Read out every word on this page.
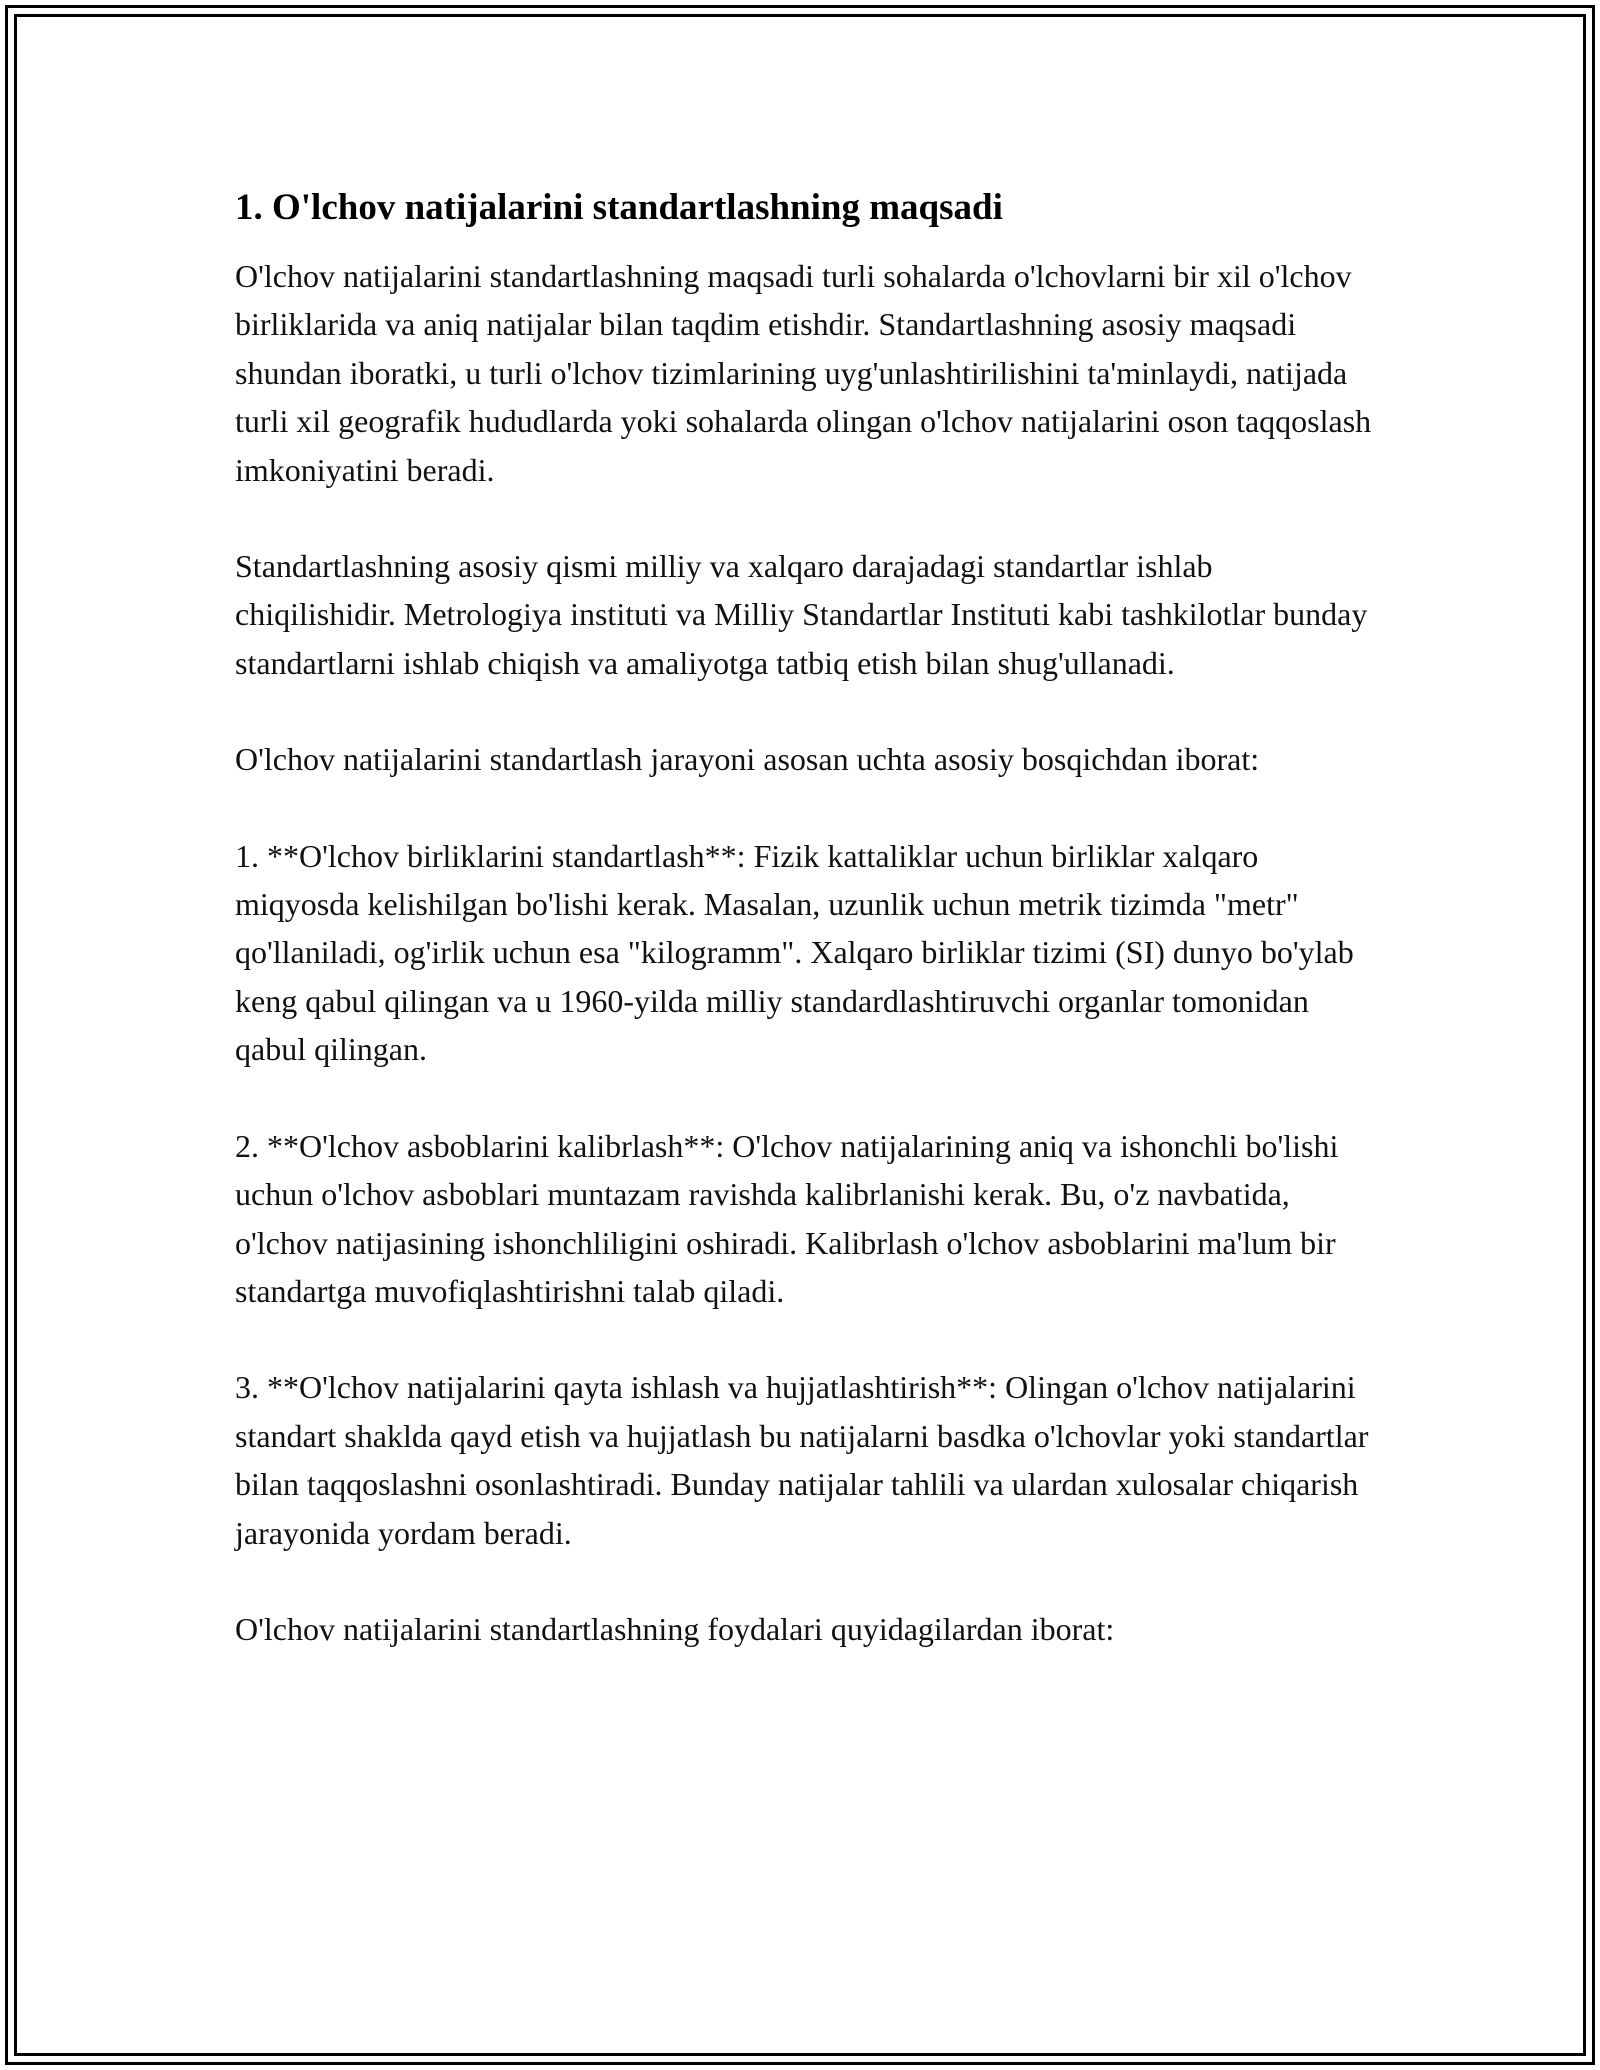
1. O'lchov natijalarini standartlashning maqsadi

O'lchov natijalarini standartlashning maqsadi turli sohalarda o'lchovlarni bir xil o'lchov birliklarida va aniq natijalar bilan taqdim etishdir. Standartlashning asosiy maqsadi shundan iboratki, u turli o'lchov tizimlarining uyg'unlashtirilishini ta'minlaydi, natijada turli xil geografik hududlarda yoki sohalarda olingan o'lchov natijalarini oson taqqoslash imkoniyatini beradi.

Standartlashning asosiy qismi milliy va xalqaro darajadagi standartlar ishlab chiqilishidir. Metrologiya instituti va Milliy Standartlar Instituti kabi tashkilotlar bunday standartlarni ishlab chiqish va amaliyotga tatbiq etish bilan shug'ullanadi.

O'lchov natijalarini standartlash jarayoni asosan uchta asosiy bosqichdan iborat:

1. **O'lchov birliklarini standartlash**: Fizik kattaliklar uchun birliklar xalqaro miqyosda kelishilgan bo'lishi kerak. Masalan, uzunlik uchun metrik tizimda "metr" qo'llaniladi, og'irlik uchun esa "kilogramm". Xalqaro birliklar tizimi (SI) dunyo bo'ylab keng qabul qilingan va u 1960-yilda milliy standardlashtiruvchi organlar tomonidan qabul qilingan.

2. **O'lchov asboblarini kalibrlash**: O'lchov natijalarining aniq va ishonchli bo'lishi uchun o'lchov asboblari muntazam ravishda kalibrlanishi kerak. Bu, o'z navbatida, o'lchov natijasining ishonchliligini oshiradi. Kalibrlash o'lchov asboblarini ma'lum bir standartga muvofiqlashtirishni talab qiladi.

3. **O'lchov natijalarini qayta ishlash va hujjatlashtirish**: Olingan o'lchov natijalarini standart shaklda qayd etish va hujjatlash bu natijalarni basdka o'lchovlar yoki standartlar bilan taqqoslashni osonlashtiradi. Bunday natijalar tahlili va ulardan xulosalar chiqarish jarayonida yordam beradi.

O'lchov natijalarini standartlashning foydalari quyidagilardan iborat:
